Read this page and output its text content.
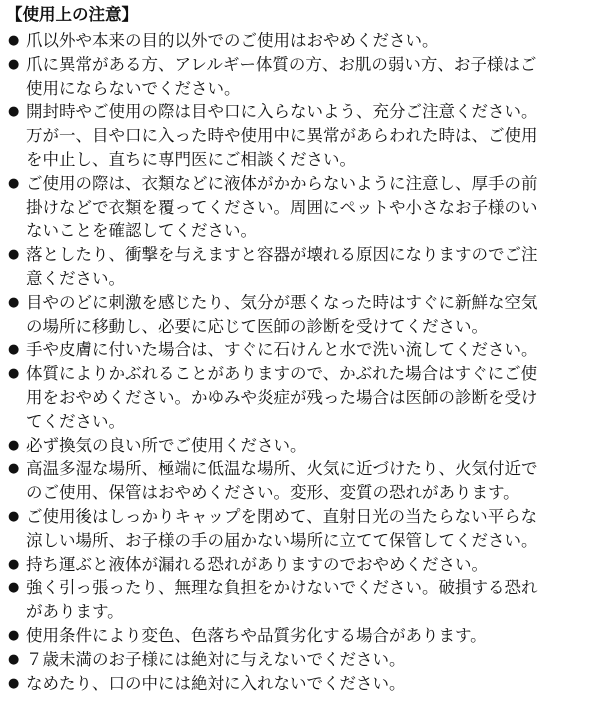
【使用上の注意】
● 爪以外や本来の目的以外でのご使用はおやめください。
● 爪に異常がある方、アレルギー体質の方、お肌の弱い方、お子様はご
使用にならないでください。
● 開封時やご使用の際は目や口に入らないよう、充分ご注意ください。
万が一、目や口に入った時や使用中に異常があらわれた時は、ご使用
を中止し、直ちに専門医にご相談ください。
● ご使用の際は、衣類などに液体がかからないように注意し、厚手の前
掛けなどで衣類を覆ってください。周囲にペットや小さなお子様のい
ないことを確認してください。
● 落としたり、衝撃を与えますと容器が壊れる原因になりますのでご注
意ください。
● 目やのどに刺激を感じたり、気分が悪くなった時はすぐに新鮮な空気
の場所に移動し、必要に応じて医師の診断を受けてください。
● 手や皮膚に付いた場合は、すぐに石けんと水で洗い流してください。
● 体質によりかぶれることがありますので、かぶれた場合はすぐにご使
用をおやめください。かゆみや炎症が残った場合は医師の診断を受け
てください。
● 必ず換気の良い所でご使用ください。
● 高温多湿な場所、極端に低温な場所、火気に近づけたり、火気付近で
のご使用、保管はおやめください。変形、変質の恐れがあります。
● ご使用後はしっかりキャップを閉めて、直射日光の当たらない平らな
涼しい場所、お子様の手の届かない場所に立てて保管してください。
● 持ち運ぶと液体が漏れる恐れがありますのでおやめください。
● 強く引っ張ったり、無理な負担をかけないでください。破損する恐れ
があります。
● 使用条件により変色、色落ちや品質劣化する場合があります。
● ７歳未満のお子様には絶対に与えないでください。
● なめたり、口の中には絶対に入れないでください。
